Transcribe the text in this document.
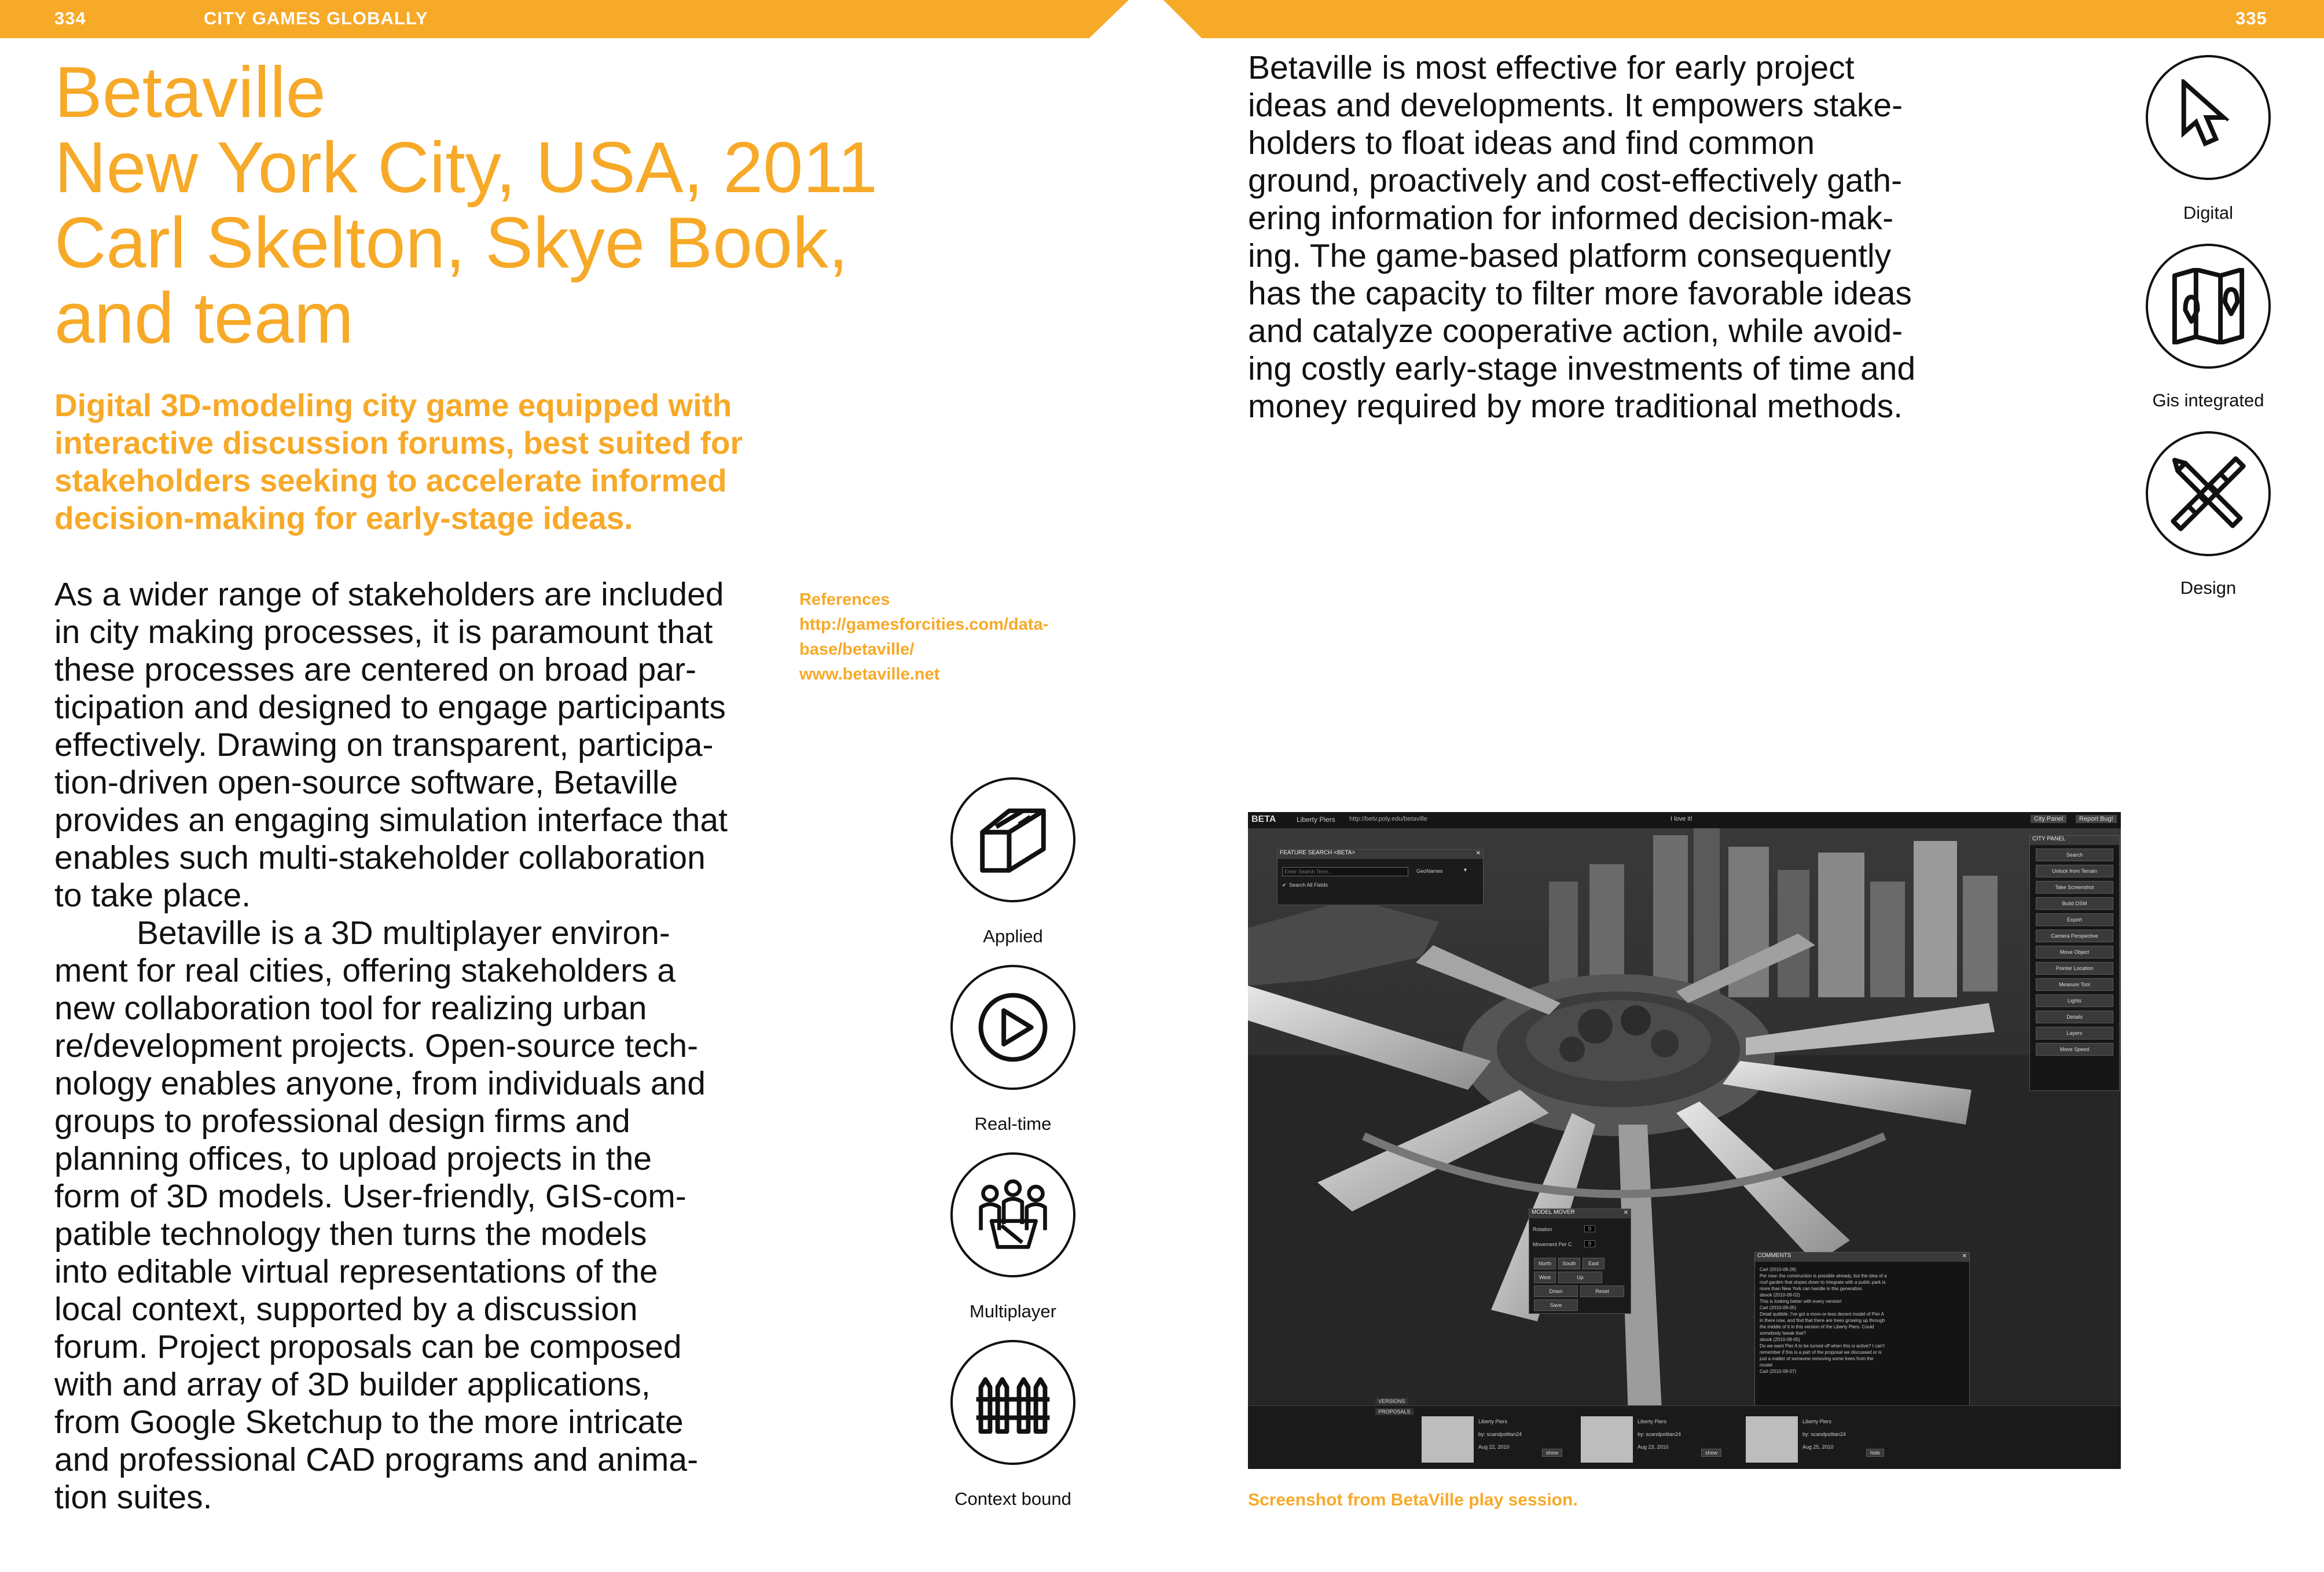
334	CITY GAMES GLOBALLY	335
Betaville
New York City, USA, 2011
Carl Skelton, Skye Book,
and team
Digital 3D-modeling city game equipped with
interactive discussion forums, best suited for
stakeholders seeking to accelerate informed
decision-making for early-stage ideas.
As a wider range of stakeholders are included
in city making processes, it is paramount that
these processes are centered on broad par-
ticipation and designed to engage participants
effectively. Drawing on transparent, participa-
tion-driven open-source software, Betaville
provides an engaging simulation interface that
enables such multi-stakeholder collaboration
to take place.
Betaville is a 3D multiplayer environ-
ment for real cities, offering stakeholders a
new collaboration tool for realizing urban
re/development projects. Open-source tech-
nology enables anyone, from individuals and
groups to professional design firms and
planning offices, to upload projects in the
form of 3D models. User-friendly, GIS-com-
patible technology then turns the models
into editable virtual representations of the
local context, supported by a discussion
forum. Project proposals can be composed
with and array of 3D builder applications,
from Google Sketchup to the more intricate
and professional CAD programs and anima-
tion suites.
References
http://gamesforcities.com/data-
base/betaville/
www.betaville.net
Betaville is most effective for early project
ideas and developments. It empowers stake-
holders to float ideas and find common
ground, proactively and cost-effectively gath-
ering information for informed decision-mak-
ing. The game-based platform consequently
has the capacity to filter more favorable ideas
and catalyze cooperative action, while avoid-
ing costly early-stage investments of time and
money required by more traditional methods.
Applied
Real-time
Multiplayer
Context bound
Digital
Gis integrated
Design
BETA	Liberty Piers http://betv.poly.edu/betaville	I love it!	City Panel	Report Bug!
FEATURE SEARCH <BETA>	✕
Enter Search Term...
GeoNames	▼
✔ Search All Fields
CITY PANEL
Search
Unlock from Terrain
Take Screenshot
Build OSM
Export
Camera Perspective
Move Object
Pointer Location
Measure Tool
Lights
Details
Layers
Move Speed
MODEL MOVER	✕
Rotation	0
Movement Per C	0
North South EastWest	UpDown	ResetSave
COMMENTS	✕
Carl (2010-08-28)
Per now: the construction is possible already, but the idea of a
roof garden that slopes down to integrate with a public park is
more than New York can handle in this generation.
sbook (2010-09-02)
This is looking better with every version!
Carl (2010-09-05)
Detail quibble: I've got a more-or-less decent model of Pier A
in there now, and find that there are trees growing up through
the middle of it in this version of the Liberty Piers. Could
somebody tweak that?
sbook (2010-09-05)
Do we want Pier A to be turned off when this is active? I can't
remember if this is a part of the proposal we discussed or is
just a matter of someone removing some trees from the
model
Carl (2010-09-07)
VERSIONS
PROPOSALS
Liberty Piers
by: scandpolitan24
Aug 22, 2010
show
Liberty Piers
by: scandpolitan24
Aug 23, 2010
show
Liberty Piers
by: scandpolitan24
Aug 25, 2010
hide
Screenshot from BetaVille play session.
